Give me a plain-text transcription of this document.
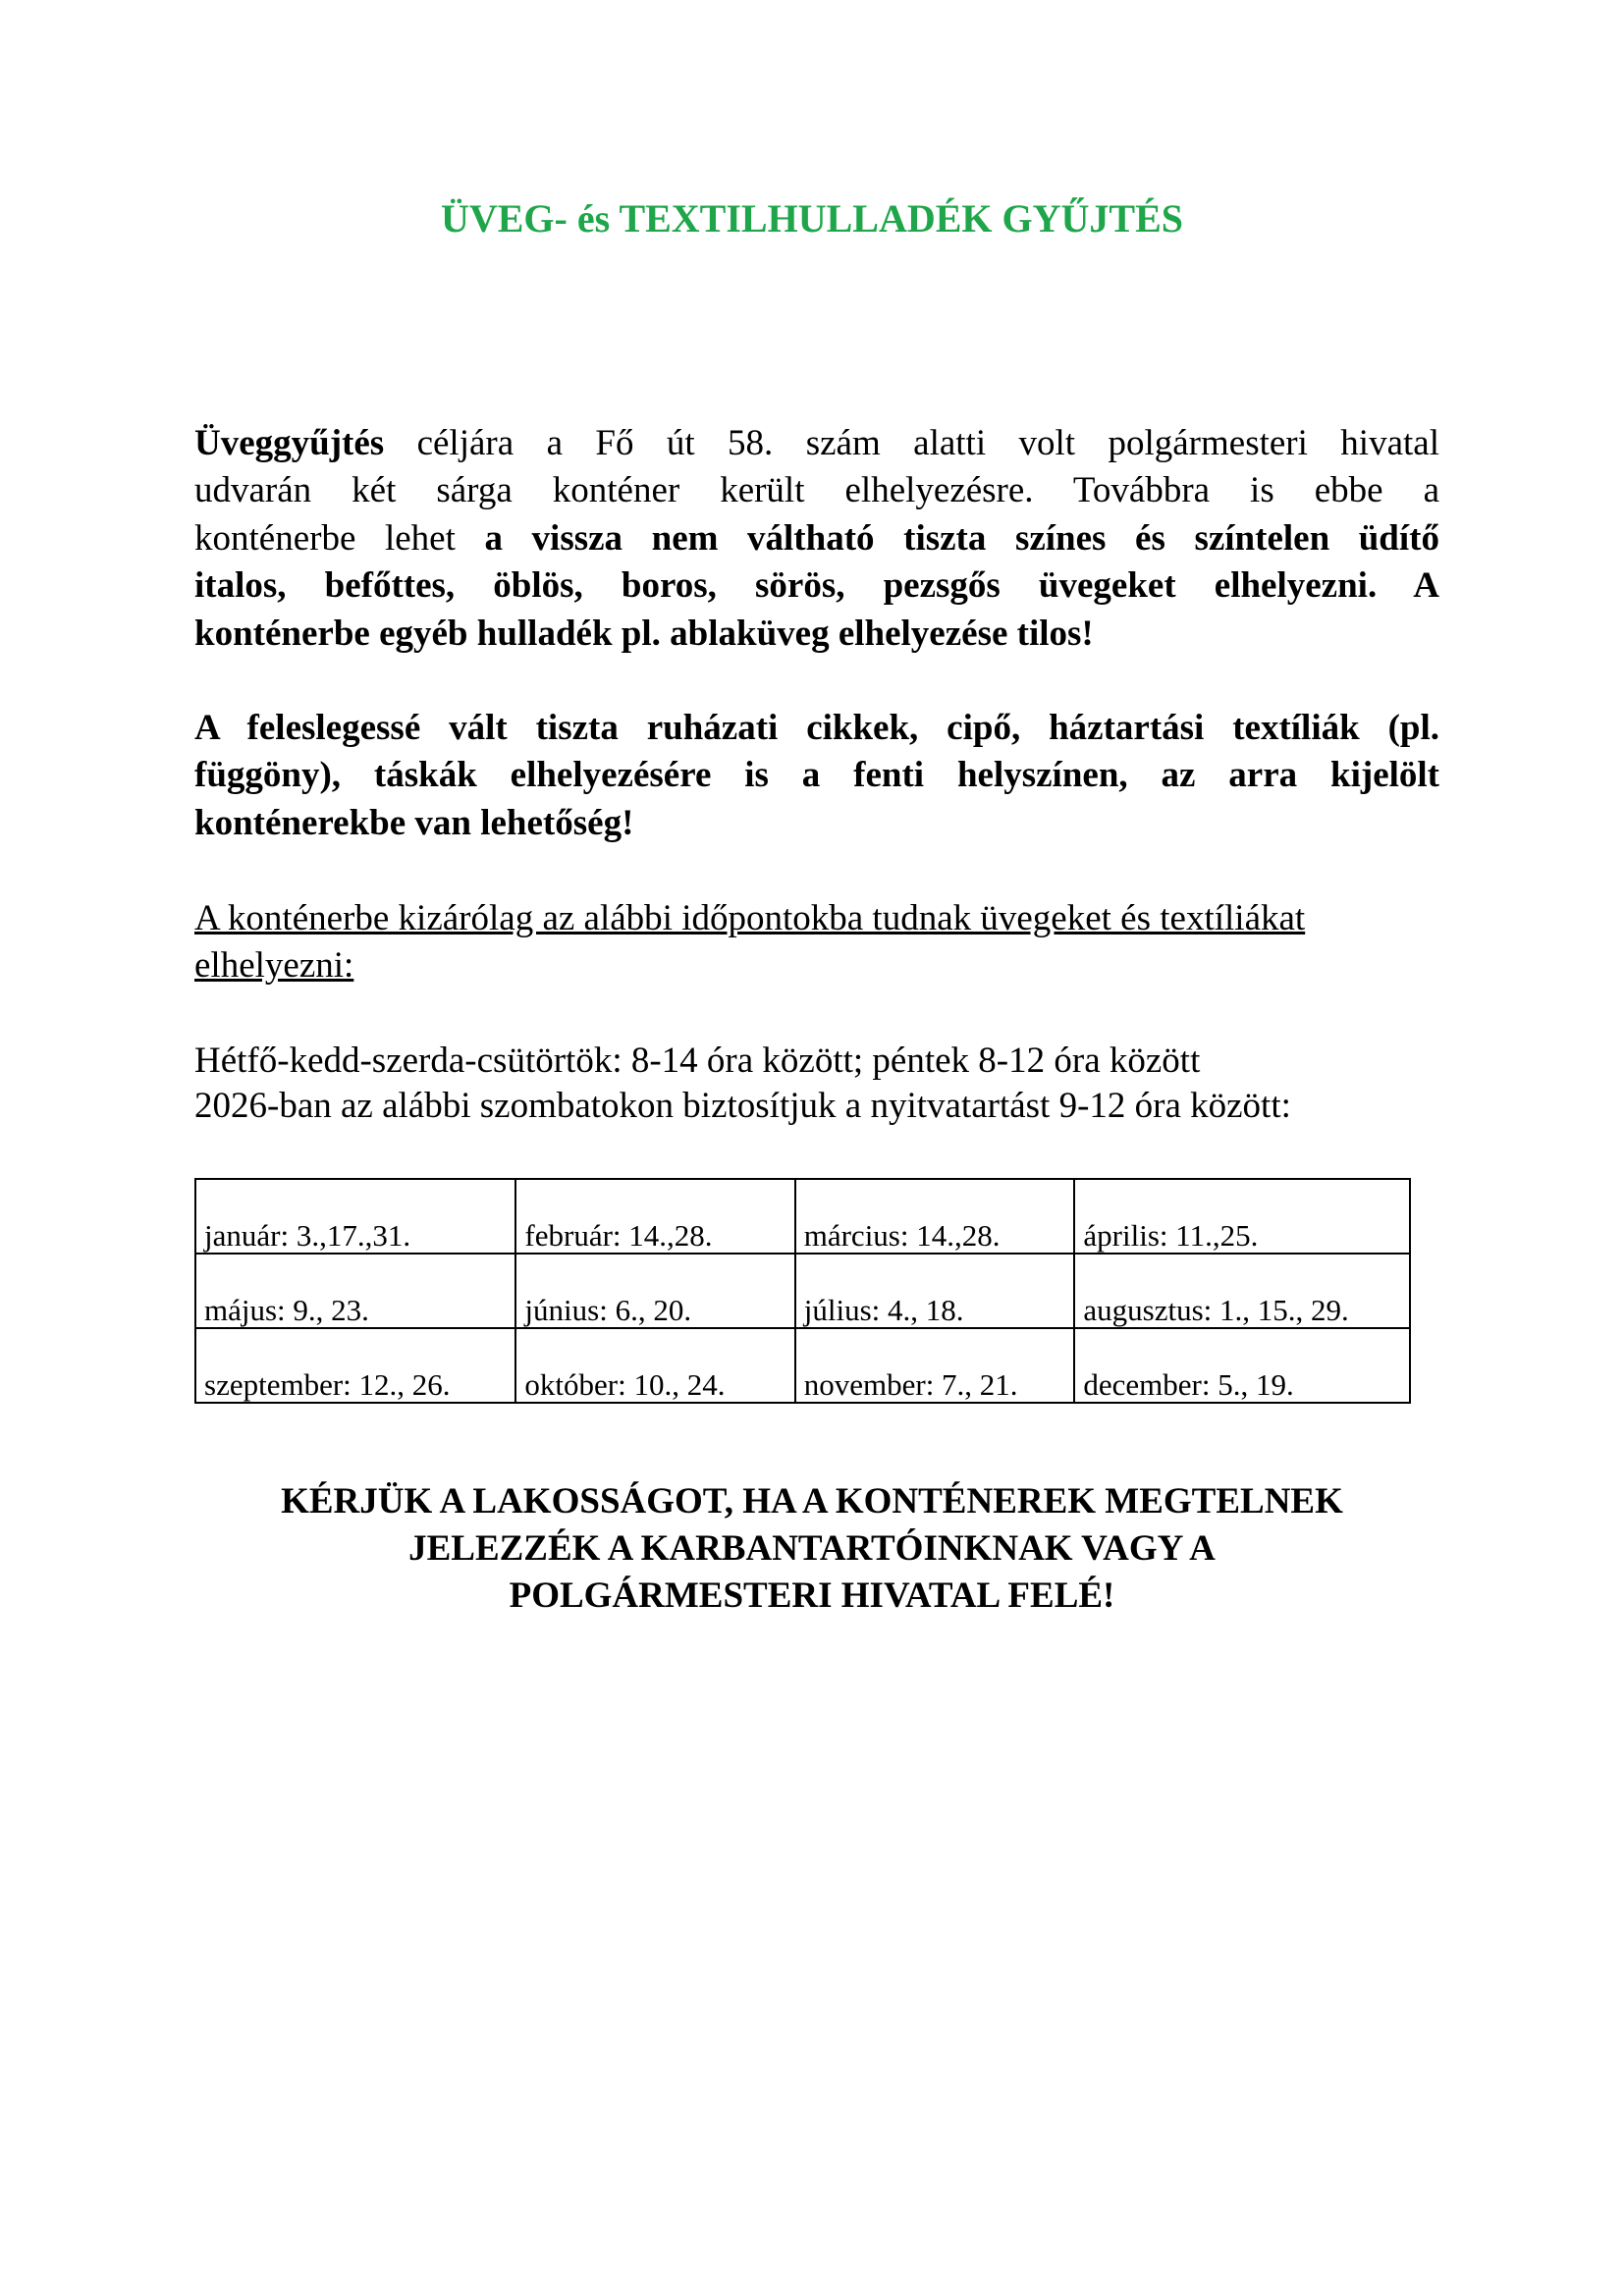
ÜVEG- és TEXTILHULLADÉK GYŰJTÉS
Üveggyűjtés céljára a Fő út 58. szám alatti volt polgármesteri hivatal
udvarán két sárga konténer került elhelyezésre. Továbbra is ebbe a
konténerbe lehet a vissza nem váltható tiszta színes és színtelen üdítő
italos, befőttes, öblös, boros, sörös, pezsgős üvegeket elhelyezni. A
konténerbe egyéb hulladék pl. ablaküveg elhelyezése tilos!
A feleslegessé vált tiszta ruházati cikkek, cipő, háztartási textíliák (pl.
függöny), táskák elhelyezésére is a fenti helyszínen, az arra kijelölt
konténerekbe van lehetőség!
A konténerbe kizárólag az alábbi időpontokba tudnak üvegeket és textíliákat
elhelyezni:
Hétfő-kedd-szerda-csütörtök: 8-14 óra között; péntek 8-12 óra között
2026-ban az alábbi szombatokon biztosítjuk a nyitvatartást 9-12 óra között:
január: 3.,17.,31.	február: 14.,28.	március: 14.,28.	április: 11.,25.
május: 9., 23.	június: 6., 20.	július: 4., 18.	augusztus: 1., 15., 29.
szeptember: 12., 26.	október: 10., 24.	november: 7., 21.	december: 5., 19.
KÉRJÜK A LAKOSSÁGOT, HA A KONTÉNEREK MEGTELNEK
JELEZZÉK A KARBANTARTÓINKNAK VAGY A
POLGÁRMESTERI HIVATAL FELÉ!
